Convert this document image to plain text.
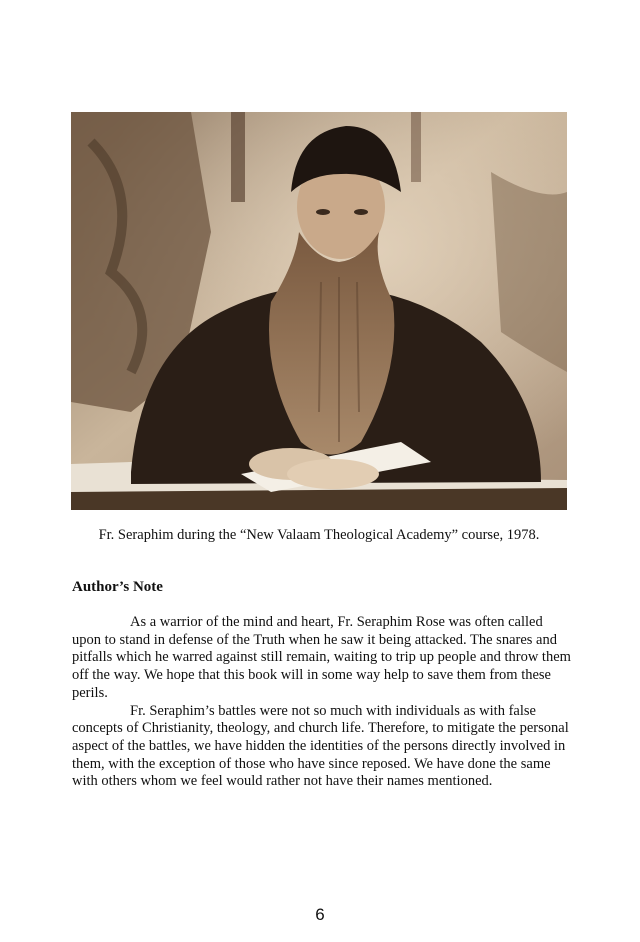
Fr. Seraphim during the “New Valaam Theological Academy” course, 1978.
Author’s Note

As a warrior of the mind and heart, Fr. Seraphim Rose was often called upon to stand in defense of the Truth when he saw it being attacked. The snares and pitfalls which he warred against still remain, waiting to trip up people and throw them off the way. We hope that this book will in some way help to save them from these perils.

Fr. Seraphim’s battles were not so much with individuals as with false concepts of Christianity, theology, and church life. Therefore, to mitigate the personal aspect of the battles, we have hidden the identities of the persons directly involved in them, with the exception of those who have since reposed. We have done the same with others whom we feel would rather not have their names mentioned.

6
